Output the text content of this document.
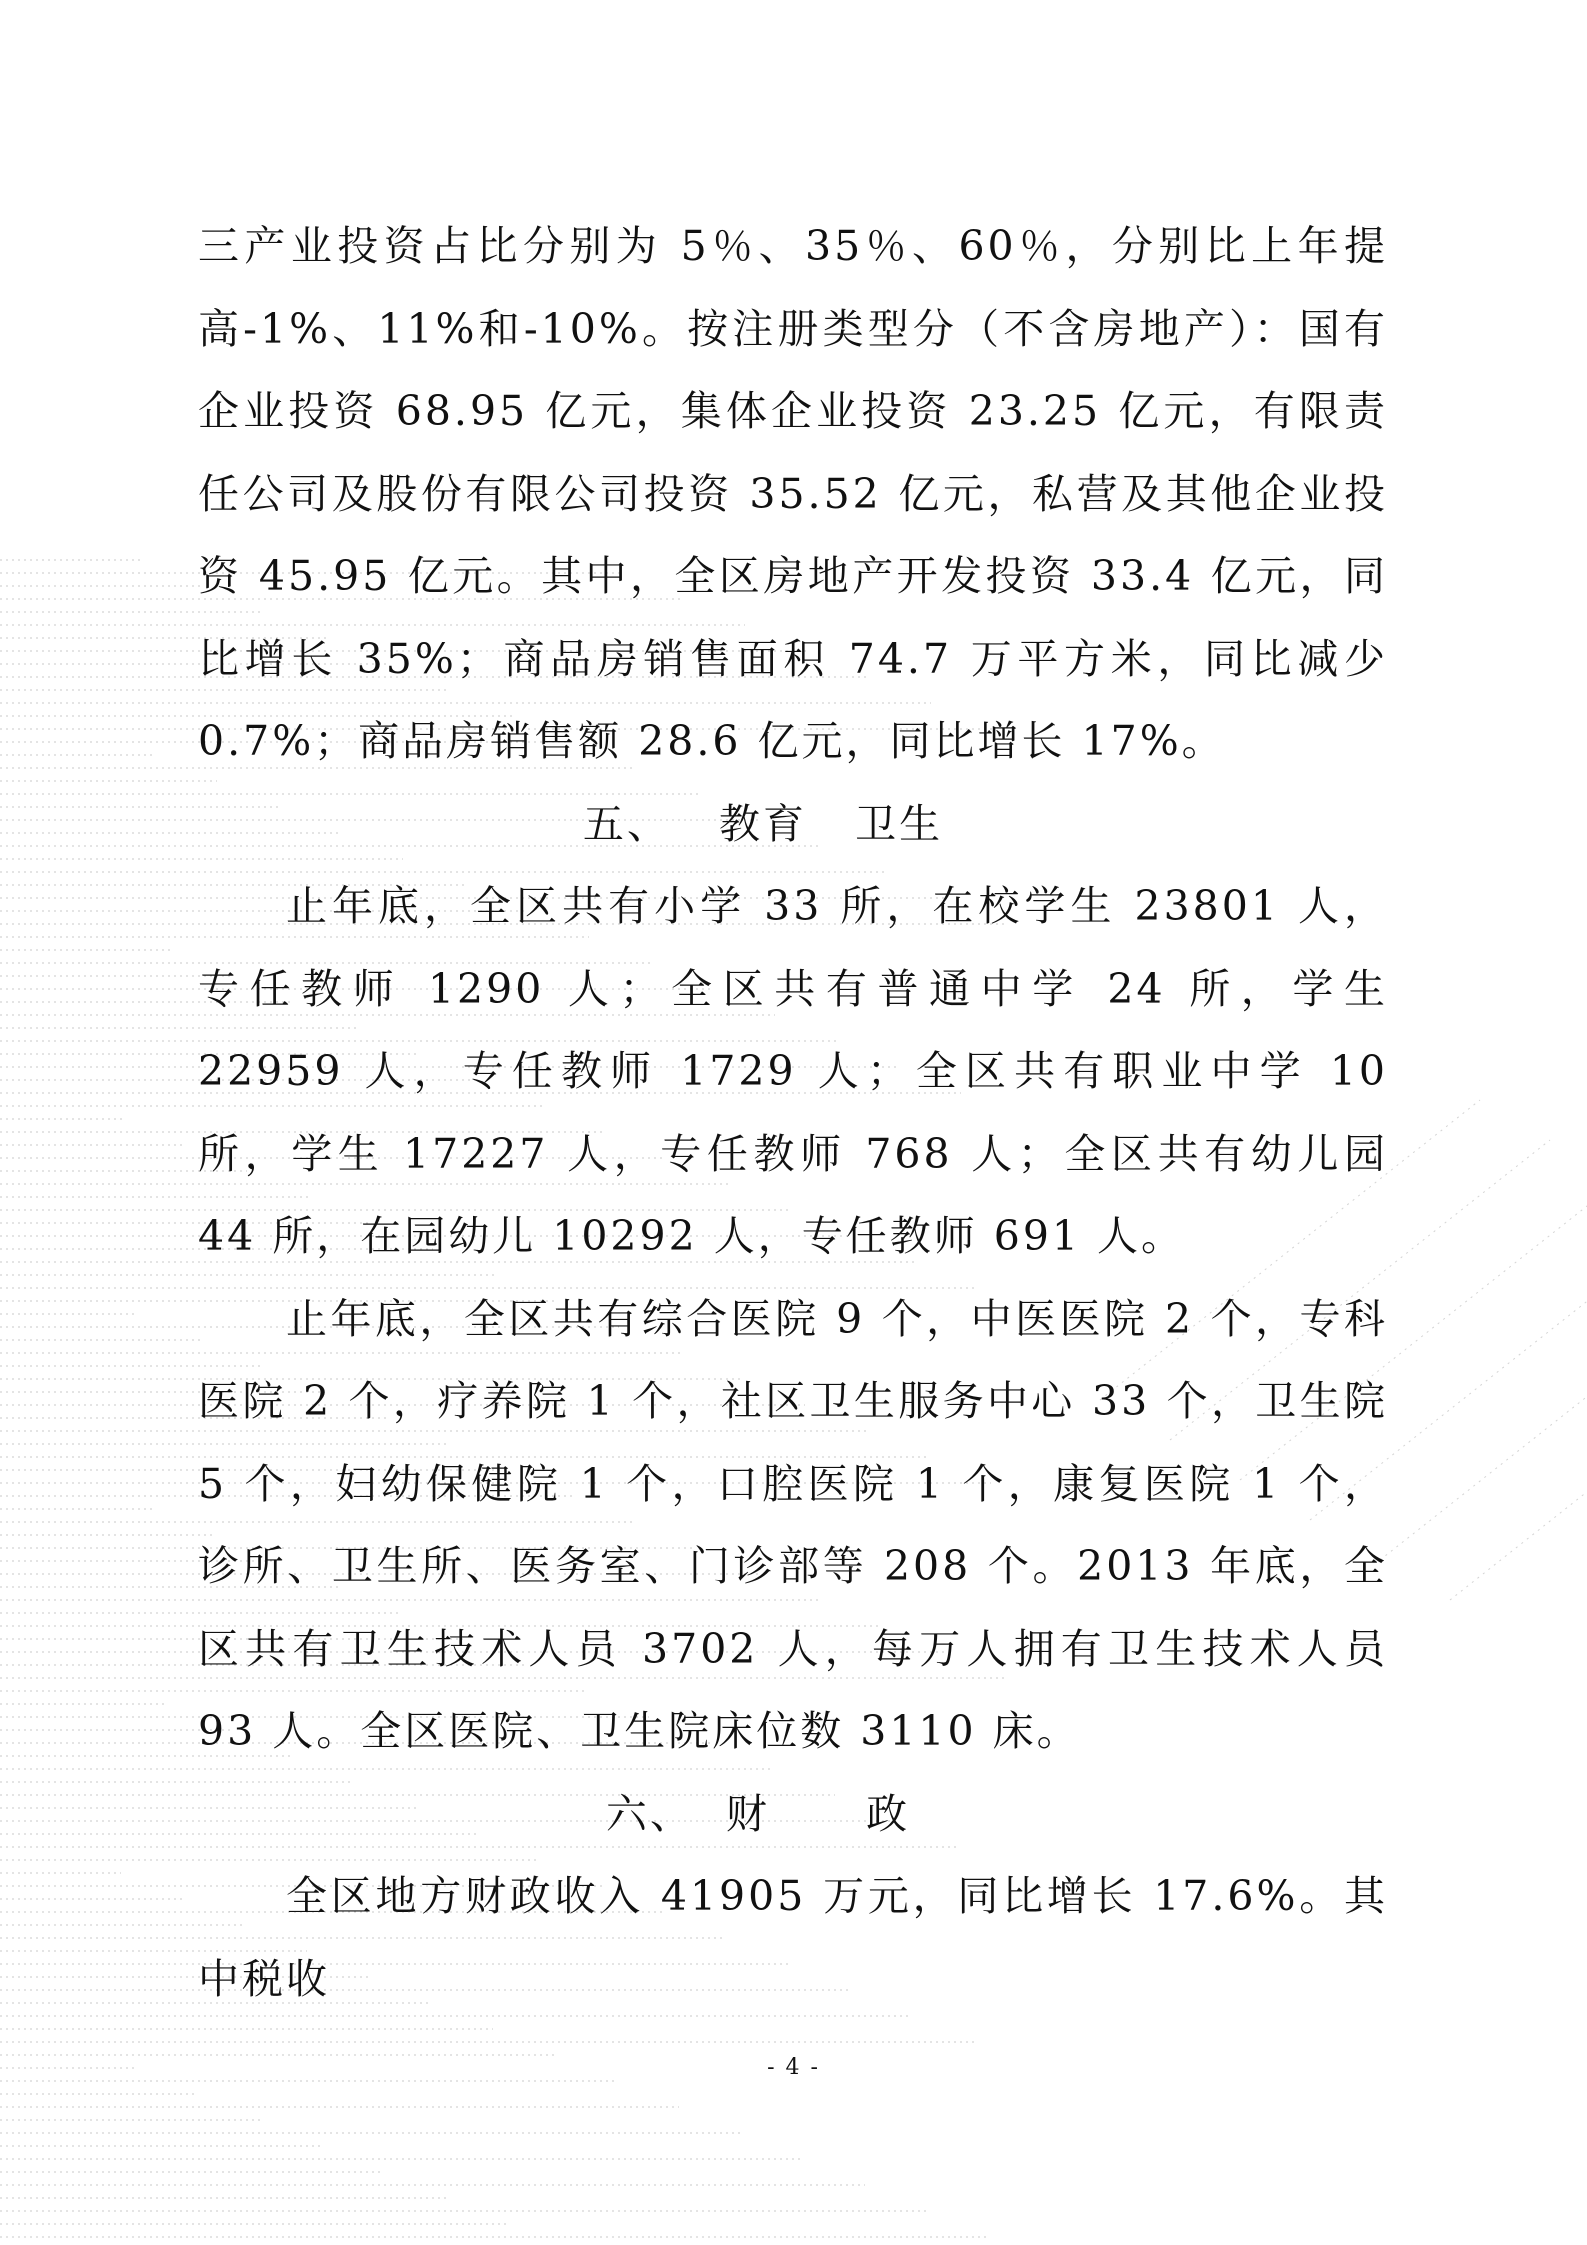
三产业投资占比分别为 5％、35％、60％，分别比上年提高-1%、11%和-10%。按注册类型分（不含房地产）：国有企业投资 68.95 亿元，集体企业投资 23.25 亿元，有限责任公司及股份有限公司投资 35.52 亿元，私营及其他企业投资 45.95 亿元。其中，全区房地产开发投资 33.4 亿元，同比增长 35%；商品房销售面积 74.7 万平方米，同比减少 0.7%；商品房销售额 28.6 亿元，同比增长 17%。

五、   教育   卫生

止年底，全区共有小学 33 所，在校学生 23801 人，专任教师 1290 人；全区共有普通中学 24 所，学生 22959 人，专任教师 1729 人；全区共有职业中学 10 所，学生 17227 人，专任教师 768 人；全区共有幼儿园 44 所，在园幼儿 10292 人，专任教师 691 人。

止年底，全区共有综合医院 9 个，中医医院 2 个，专科医院 2 个，疗养院 1 个，社区卫生服务中心 33 个，卫生院 5 个，妇幼保健院 1 个，口腔医院 1 个，康复医院 1 个，诊所、卫生所、医务室、门诊部等 208 个。2013 年底，全区共有卫生技术人员 3702 人，每万人拥有卫生技术人员 93 人。全区医院、卫生院床位数 3110 床。

六、  财      政

全区地方财政收入 41905 万元，同比增长 17.6%。其中税收

- 4 -
